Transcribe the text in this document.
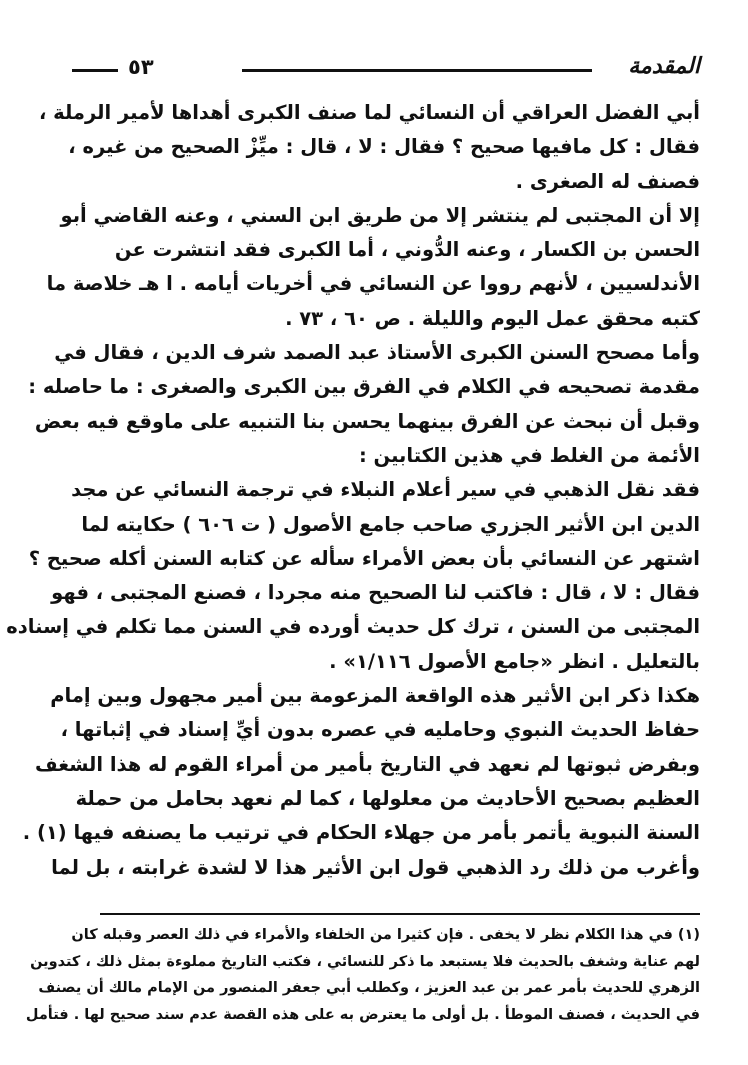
المقدمة
٥٣
أبي الفضل العراقي أن النسائي لما صنف الكبرى أهداها لأمير الرملة ،
فقال : كل مافيها صحيح ؟ فقال : لا ، قال : ميِّزْ الصحيح من غيره ،
فصنف له الصغرى .
إلا أن المجتبى لم ينتشر إلا من طريق ابن السني ، وعنه القاضي أبو
الحسن بن الكسار ، وعنه الدُّوني ، أما الكبرى فقد انتشرت عن
الأندلسيين ، لأنهم رووا عن النسائي في أخريات أيامه . ا هـ خلاصة ما
كتبه محقق عمل اليوم والليلة . ص ٦٠ ، ٧٣ .
وأما مصحح السنن الكبرى الأستاذ عبد الصمد شرف الدين ، فقال في
مقدمة تصحيحه في الكلام في الفرق بين الكبرى والصغرى : ما حاصله :
وقبل أن نبحث عن الفرق بينهما يحسن بنا التنبيه على ماوقع فيه بعض
الأئمة من الغلط في هذين الكتابين :
فقد نقل الذهبي في سير أعلام النبلاء في ترجمة النسائي عن مجد
الدين ابن الأثير الجزري صاحب جامع الأصول ( ت ٦٠٦ ) حكايته لما
اشتهر عن النسائي بأن بعض الأمراء سأله عن كتابه السنن أكله صحيح ؟
فقال : لا ، قال : فاكتب لنا الصحيح منه مجردا ، فصنع المجتبى ، فهو
المجتبى من السنن ، ترك كل حديث أورده في السنن مما تكلم في إسناده
بالتعليل . انظر «جامع الأصول ١/١١٦» .
هكذا ذكر ابن الأثير هذه الواقعة المزعومة بين أمير مجهول وبين إمام
حفاظ الحديث النبوي وحامليه في عصره بدون أيِّ إسناد في إثباتها ،
وبفرض ثبوتها لم نعهد في التاريخ بأمير من أمراء القوم له هذا الشغف
العظيم بصحيح الأحاديث من معلولها ، كما لم نعهد بحامل من حملة
السنة النبوية يأتمر بأمر من جهلاء الحكام في ترتيب ما يصنفه فيها (١) .
وأغرب من ذلك رد الذهبي قول ابن الأثير هذا لا لشدة غرابته ، بل لما
(١) في هذا الكلام نظر لا يخفى . فإن كثيرا من الخلفاء والأمراء في ذلك العصر وقبله كان
لهم عناية وشغف بالحديث فلا يستبعد ما ذكر للنسائي ، فكتب التاريخ مملوءة بمثل ذلك ، كتدوين
الزهري للحديث بأمر عمر بن عبد العزيز ، وكطلب أبي جعفر المنصور من الإمام مالك أن يصنف
في الحديث ، فصنف الموطأ . بل أولى ما يعترض به على هذه القصة عدم سند صحيح لها . فتأمل
